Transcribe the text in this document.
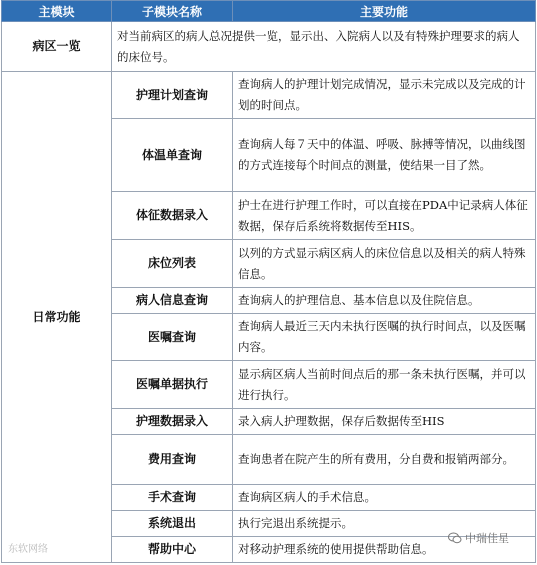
主模块	子模块名称	主要功能
病区一览	对当前病区的病人总况提供一览，显示出、入院病人以及有特殊护理要求的病人的床位号。	
日常功能	护理计划查询	查询病人的护理计划完成情况，显示未完成以及完成的计划的时间点。
	体温单查询	查询病人每７天中的体温、呼吸、脉搏等情况，以曲线图的方式连接每个时间点的测量，使结果一目了然。
	体征数据录入	护士在进行护理工作时，可以直接在PDA中记录病人体征数据，保存后系统将数据传至HIS。
	床位列表	以列的方式显示病区病人的床位信息以及相关的病人特殊信息。
	病人信息查询	查询病人的护理信息、基本信息以及住院信息。
	医嘱查询	查询病人最近三天内未执行医嘱的执行时间点，以及医嘱内容。
	医嘱单据执行	显示病区病人当前时间点后的那一条未执行医嘱，并可以进行执行。
	护理数据录入	录入病人护理数据，保存后数据传至HIS
	费用查询	查询患者在院产生的所有费用，分自费和报销两部分。
	手术查询	查询病区病人的手术信息。
	系统退出	执行完退出系统提示。
	帮助中心	对移动护理系统的使用提供帮助信息。
东软网络
中瑞佳星
